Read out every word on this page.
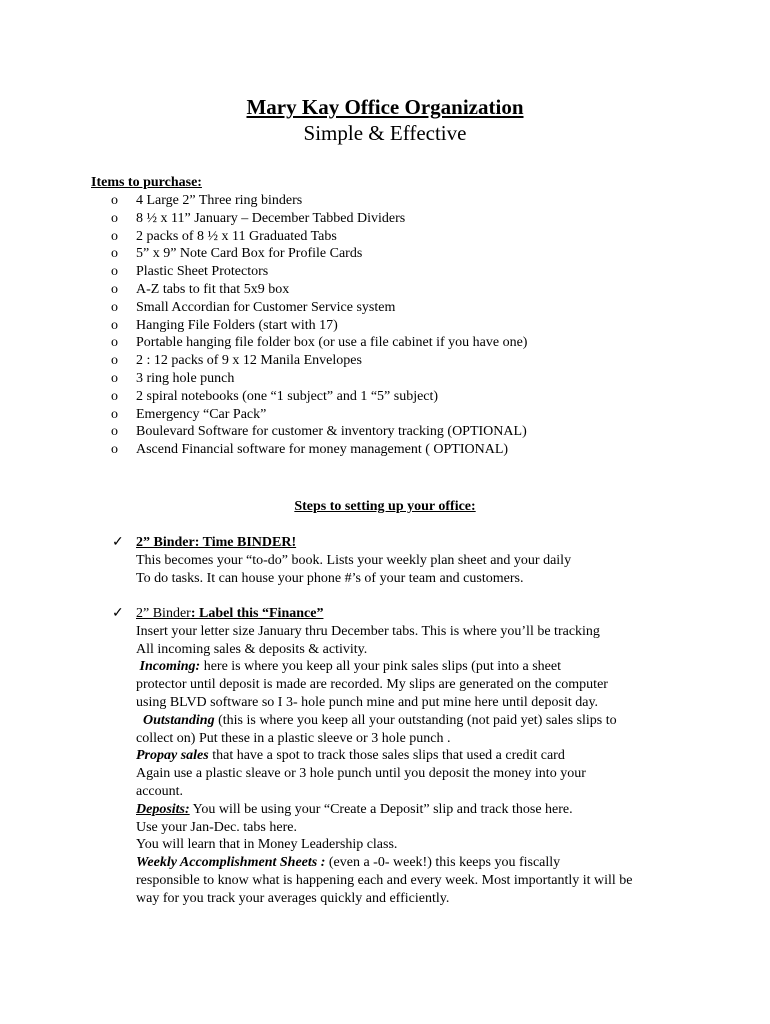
Mary Kay Office Organization
Simple & Effective
Items to purchase:
o	4 Large 2” Three ring binders
o	8 ½ x 11” January – December Tabbed Dividers
o	2 packs of 8 ½ x 11 Graduated Tabs
o	5” x 9” Note Card Box for Profile Cards
o	Plastic Sheet Protectors
o	A-Z tabs to fit that 5x9 box
o	Small Accordian for Customer Service system
o	Hanging File Folders (start with 17)
o	Portable hanging file folder box (or use a file cabinet if you have one)
o	2 : 12 packs of 9 x 12 Manila Envelopes
o	3 ring hole punch
o	2 spiral notebooks (one “1 subject” and 1 “5” subject)
o	Emergency “Car Pack”
o	Boulevard Software for customer & inventory tracking (OPTIONAL)
o	Ascend Financial software for money management ( OPTIONAL)
Steps to setting up your office:
✓ 2” Binder: Time BINDER!

This becomes your “to-do” book. Lists your weekly plan sheet and your daily

To do tasks. It can house your phone #’s of your team and customers.

✓ 2” Binder: Label this “Finance”

Insert your letter size January thru December tabs. This is where you’ll be tracking

All incoming sales & deposits & activity.

Incoming: here is where you keep all your pink sales slips (put into a sheet

protector until deposit is made are recorded. My slips are generated on the computer

using BLVD software so I 3- hole punch mine and put mine here until deposit day.

Outstanding (this is where you keep all your outstanding (not paid yet) sales slips to

collect on) Put these in a plastic sleeve or 3 hole punch .

Propay sales that have a spot to track those sales slips that used a credit card

Again use a plastic sleave or 3 hole punch until you deposit the money into your

account.

Deposits: You will be using your “Create a Deposit” slip and track those here.

Use your Jan-Dec. tabs here.

You will learn that in Money Leadership class.

Weekly Accomplishment Sheets : (even a -0- week!) this keeps you fiscally

responsible to know what is happening each and every week. Most importantly it will be

way for you track your averages quickly and efficiently.
